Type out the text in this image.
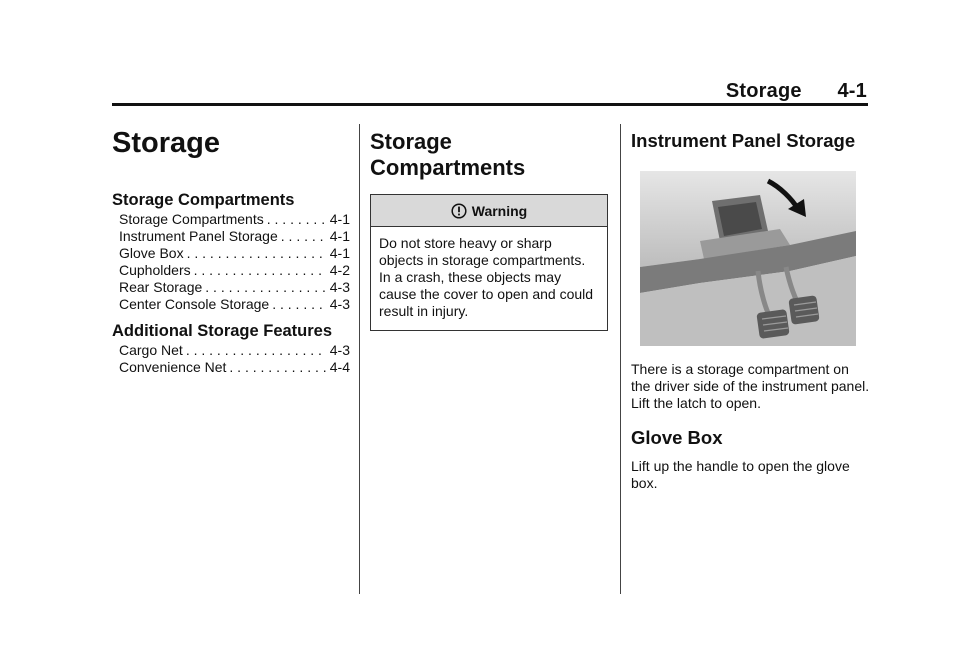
Storage 4-1
Storage
Storage Compartments
Storage Compartments . . .	4-1
Instrument Panel Storage . . .	4-1
Glove Box . . .	4-1
Cupholders . . .	4-2
Rear Storage . . .	4-3
Center Console Storage . . .	4-3
Additional Storage Features
Cargo Net . . .	4-3
Convenience Net . . .	4-4
Storage
Compartments
Warning
Do not store heavy or sharp objects in storage compartments. In a crash, these objects may cause the cover to open and could result in injury.
Instrument Panel Storage

There is a storage compartment on the driver side of the instrument panel. Lift the latch to open.

Glove Box

Lift up the handle to open the glove box.
